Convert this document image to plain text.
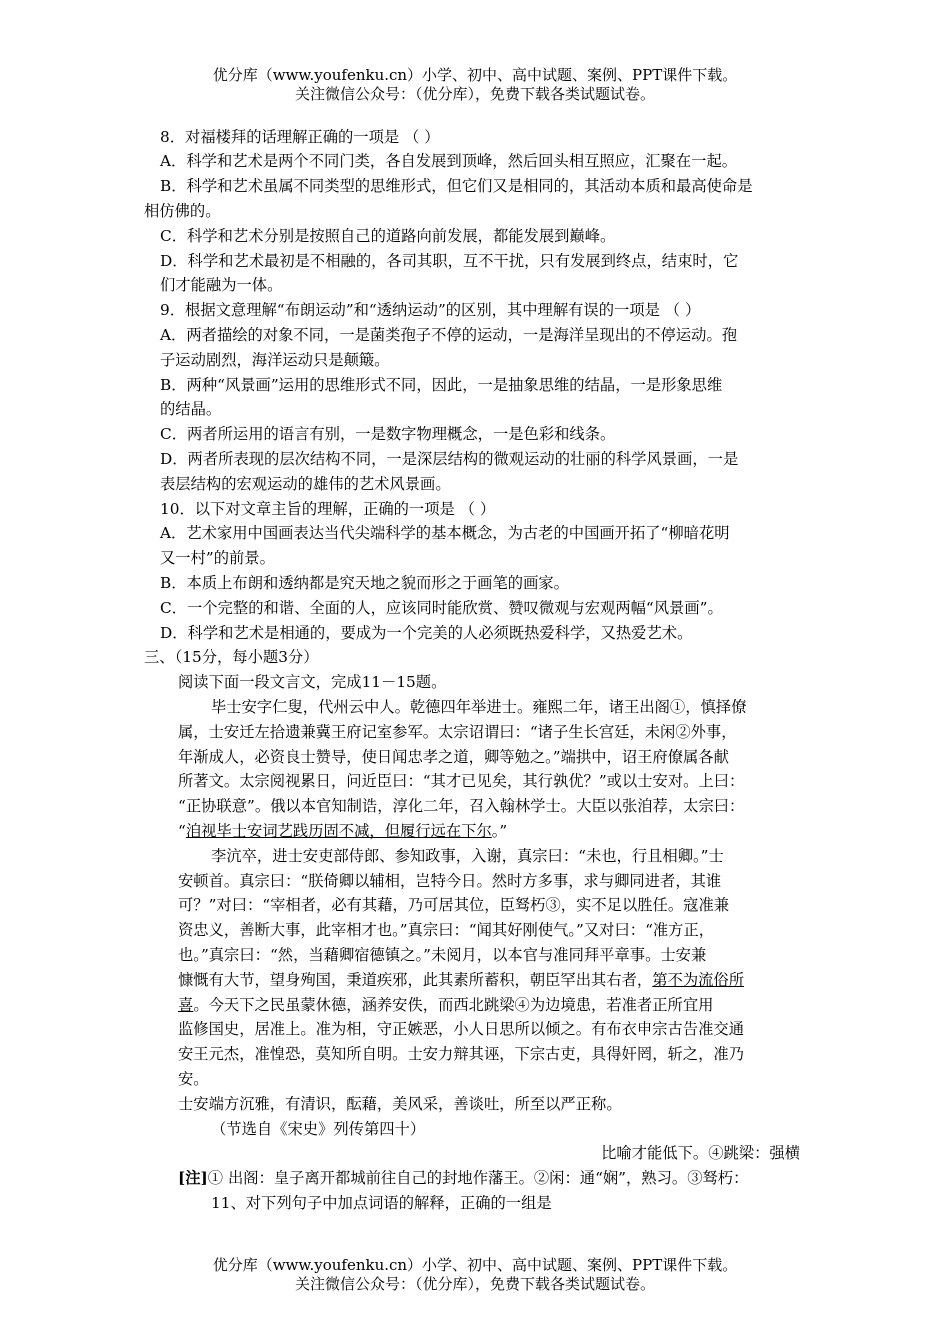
优分库（www.youfenku.cn）小学、初中、高中试题、案例、PPT课件下载。
关注微信公众号：（优分库），免费下载各类试题试卷。
8．对福楼拜的话理解正确的一项是 （ ）
A．科学和艺术是两个不同门类，各自发展到顶峰，然后回头相互照应，汇聚在一起。
B．科学和艺术虽属不同类型的思维形式，但它们又是相同的，其活动本质和最高使命是
相仿佛的。
C．科学和艺术分别是按照自己的道路向前发展，都能发展到巅峰。
D．科学和艺术最初是不相融的，各司其职，互不干扰，只有发展到终点，结束时，它
们才能融为一体。
9．根据文意理解“布朗运动”和“透纳运动”的区别，其中理解有误的一项是 （ ）
A．两者描绘的对象不同，一是菌类孢子不停的运动，一是海洋呈现出的不停运动。孢
子运动剧烈，海洋运动只是颠簸。
B．两种“风景画”运用的思维形式不同，因此，一是抽象思维的结晶，一是形象思维
的结晶。
C．两者所运用的语言有别，一是数字物理概念，一是色彩和线条。
D．两者所表现的层次结构不同，一是深层结构的微观运动的壮丽的科学风景画，一是
表层结构的宏观运动的雄伟的艺术风景画。
10．以下对文章主旨的理解，正确的一项是 （ ）
A．艺术家用中国画表达当代尖端科学的基本概念，为古老的中国画开拓了“柳暗花明
又一村”的前景。
B．本质上布朗和透纳都是究天地之貌而形之于画笔的画家。
C．一个完整的和谐、全面的人，应该同时能欣赏、赞叹微观与宏观两幅“风景画”。
D．科学和艺术是相通的，要成为一个完美的人必须既热爱科学，又热爱艺术。
三、（15分，每小题3分）
阅读下面一段文言文，完成11－15题。
毕士安字仁叟，代州云中人。乾德四年举进士。雍熙二年，诸王出阁①，慎择僚
属，士安迁左拾遗兼冀王府记室参军。太宗诏谓曰：“诸子生长宫廷，未闲②外事，
年渐成人，必资良士赞导，使日闻忠孝之道，卿等勉之。”端拱中，诏王府僚属各献
所著文。太宗阅视累日，问近臣曰：“其才已见矣，其行孰优？”或以士安对。上曰：
“正协联意”。俄以本官知制诰，淳化二年，召入翰林学士。大臣以张洎荐，太宗曰：
“洎视毕士安词艺践历固不减，但履行远在下尔。”
李沆卒，进士安吏部侍郎、参知政事，入谢，真宗曰：“未也，行且相卿。”士
安顿首。真宗曰：“朕倚卿以辅相，岂特今日。然时方多事，求与卿同进者，其谁
可？”对曰：“宰相者，必有其藉，乃可居其位，臣驽朽③，实不足以胜任。寇准兼
资忠义，善断大事，此宰相才也。”真宗曰：“闻其好刚使气。”又对曰：“准方正，
也。”真宗曰：“然，当藉卿宿德镇之。”未阅月，以本官与准同拜平章事。士安兼
慷慨有大节，望身殉国，秉道疾邪，此其素所蓄积，朝臣罕出其右者，第不为流俗所
喜。今天下之民虽蒙休德，涵养安佚，而西北跳梁④为边境患，若准者正所宜用
监修国史，居准上。准为相，守正嫉恶，小人日思所以倾之。有布衣申宗古告准交通
安王元杰，准惶恐，莫知所自明。士安力辩其诬，下宗古吏，具得奸罔，斩之，准乃
安。
士安端方沉雅，有清识，酝藉，美风采，善谈吐，所至以严正称。
（节选自《宋史》列传第四十）
比喻才能低下。④跳梁：强横
[注]① 出阁：皇子离开都城前往自己的封地作藩王。②闲：通“娴”，熟习。③驽朽：
11、对下列句子中加点词语的解释，正确的一组是
优分库（www.youfenku.cn）小学、初中、高中试题、案例、PPT课件下载。
关注微信公众号：（优分库），免费下载各类试题试卷。
